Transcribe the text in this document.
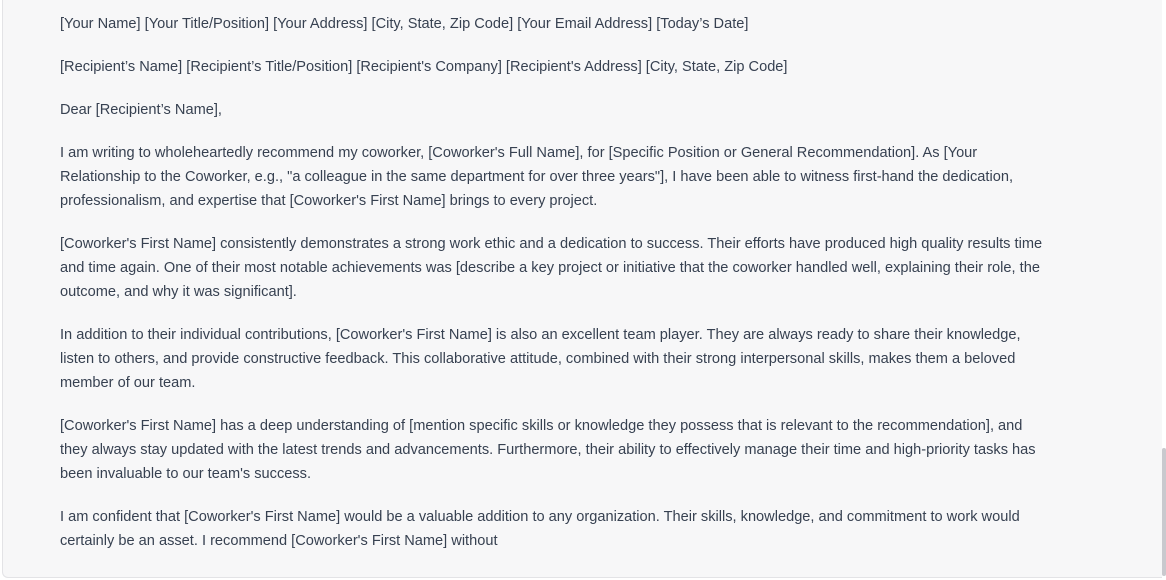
[Your Name] [Your Title/Position] [Your Address] [City, State, Zip Code] [Your Email Address] [Today’s Date]

[Recipient’s Name] [Recipient’s Title/Position] [Recipient's Company] [Recipient's Address] [City, State, Zip Code]

Dear [Recipient’s Name],

I am writing to wholeheartedly recommend my coworker, [Coworker's Full Name], for [Specific Position or General Recommendation]. As [Your Relationship to the Coworker, e.g., "a colleague in the same department for over three years"], I have been able to witness first-hand the dedication, professionalism, and expertise that [Coworker's First Name] brings to every project.

[Coworker's First Name] consistently demonstrates a strong work ethic and a dedication to success. Their efforts have produced high quality results time and time again. One of their most notable achievements was [describe a key project or initiative that the coworker handled well, explaining their role, the outcome, and why it was significant].

In addition to their individual contributions, [Coworker's First Name] is also an excellent team player. They are always ready to share their knowledge, listen to others, and provide constructive feedback. This collaborative attitude, combined with their strong interpersonal skills, makes them a beloved member of our team.

[Coworker's First Name] has a deep understanding of [mention specific skills or knowledge they possess that is relevant to the recommendation], and they always stay updated with the latest trends and advancements. Furthermore, their ability to effectively manage their time and high-priority tasks has been invaluable to our team's success.

I am confident that [Coworker's First Name] would be a valuable addition to any organization. Their skills, knowledge, and commitment to work would certainly be an asset. I recommend [Coworker's First Name] without
